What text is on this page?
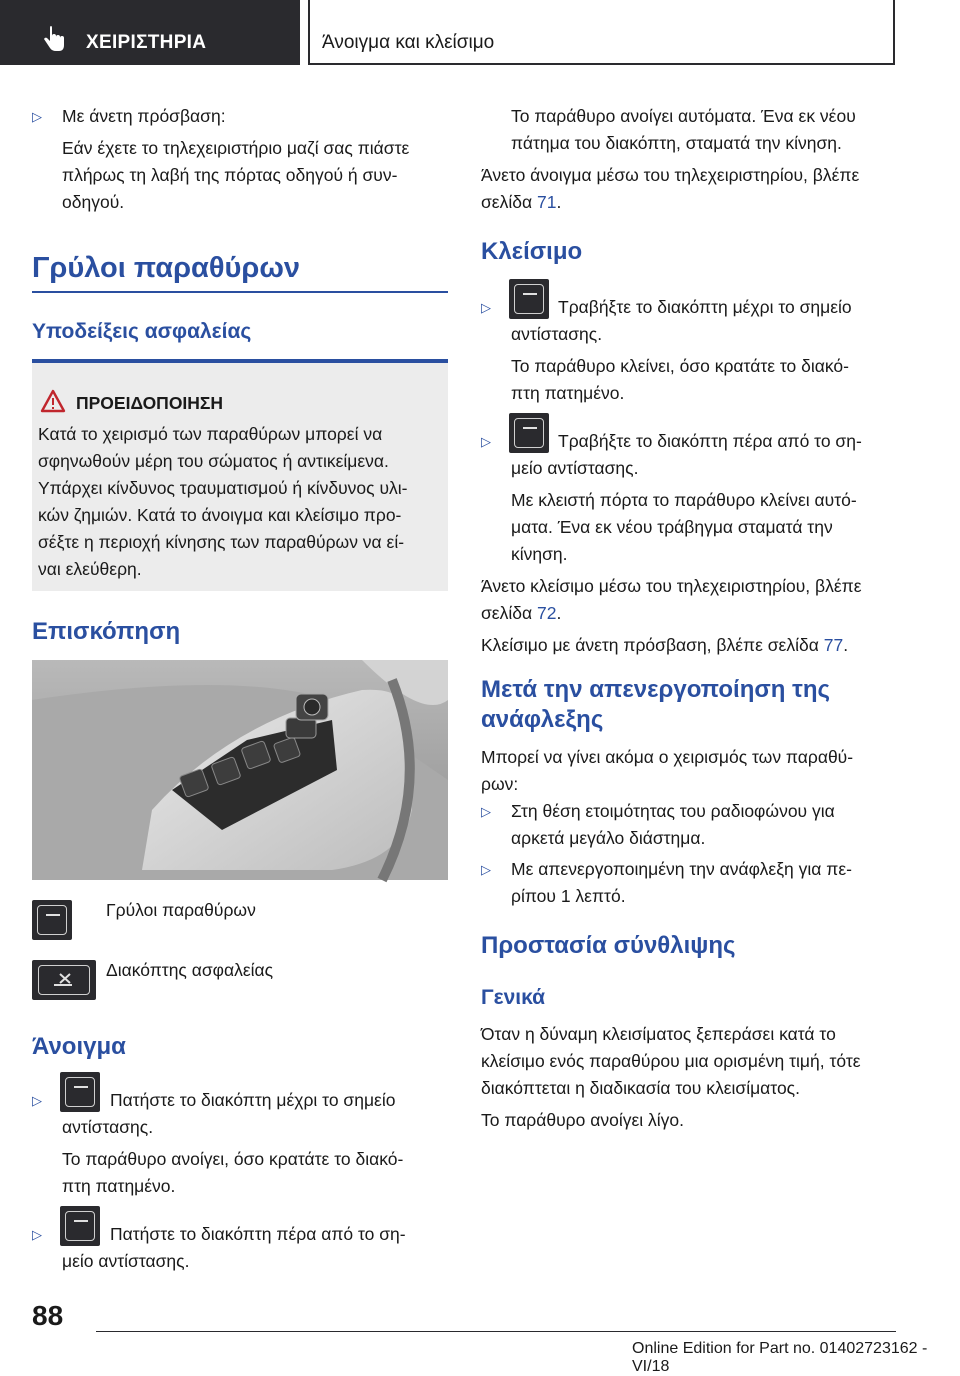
ΧΕΙΡΙΣΤΗΡΙΑ	Άνοιγμα και κλείσιμο
▷ Με άνετη πρόσβαση:
Εάν έχετε το τηλεχειριστήριο μαζί σας πιάστε
πλήρως τη λαβή της πόρτας οδηγού ή συν‐
οδηγού.
Γρύλοι παραθύρων
Υποδείξεις ασφαλείας
ΠΡΟΕΙΔΟΠΟΙΗΣΗ
Κατά το χειρισμό των παραθύρων μπορεί να
σφηνωθούν μέρη του σώματος ή αντικείμενα.
Υπάρχει κίνδυνος τραυματισμού ή κίνδυνος υλι‐
κών ζημιών. Κατά το άνοιγμα και κλείσιμο προ‐
σέξτε η περιοχή κίνησης των παραθύρων να εί‐
ναι ελεύθερη.
Επισκόπηση
Γρύλοι παραθύρων
Διακόπτης ασφαλείας
Άνοιγμα
▷	Πατήστε το διακόπτη μέχρι το σημείο
αντίστασης.
Το παράθυρο ανοίγει, όσο κρατάτε το διακό‐
πτη πατημένο.
▷	Πατήστε το διακόπτη πέρα από το ση‐
μείο αντίστασης.
Το παράθυρο ανοίγει αυτόματα. Ένα εκ νέου
πάτημα του διακόπτη, σταματά την κίνηση.
Άνετο άνοιγμα μέσω του τηλεχειριστηρίου, βλέπε
σελίδα 71.
Κλείσιμο
▷	Τραβήξτε το διακόπτη μέχρι το σημείο
αντίστασης.
Το παράθυρο κλείνει, όσο κρατάτε το διακό‐
πτη πατημένο.
▷	Τραβήξτε το διακόπτη πέρα από το ση‐
μείο αντίστασης.
Με κλειστή πόρτα το παράθυρο κλείνει αυτό‐
ματα. Ένα εκ νέου τράβηγμα σταματά την
κίνηση.
Άνετο κλείσιμο μέσω του τηλεχειριστηρίου, βλέπε
σελίδα 72.
Κλείσιμο με άνετη πρόσβαση, βλέπε σελίδα 77.
Μετά την απενεργοποίηση της
ανάφλεξης
Μπορεί να γίνει ακόμα ο χειρισμός των παραθύ‐
ρων:
▷ Στη θέση ετοιμότητας του ραδιοφώνου για
αρκετά μεγάλο διάστημα.
▷ Με απενεργοποιημένη την ανάφλεξη για πε‐
ρίπου 1 λεπτό.
Προστασία σύνθλιψης
Γενικά
Όταν η δύναμη κλεισίματος ξεπεράσει κατά το
κλείσιμο ενός παραθύρου μια ορισμένη τιμή, τότε
διακόπτεται η διαδικασία του κλεισίματος.
Το παράθυρο ανοίγει λίγο.
88
Online Edition for Part no. 01402723162 - VI/18
